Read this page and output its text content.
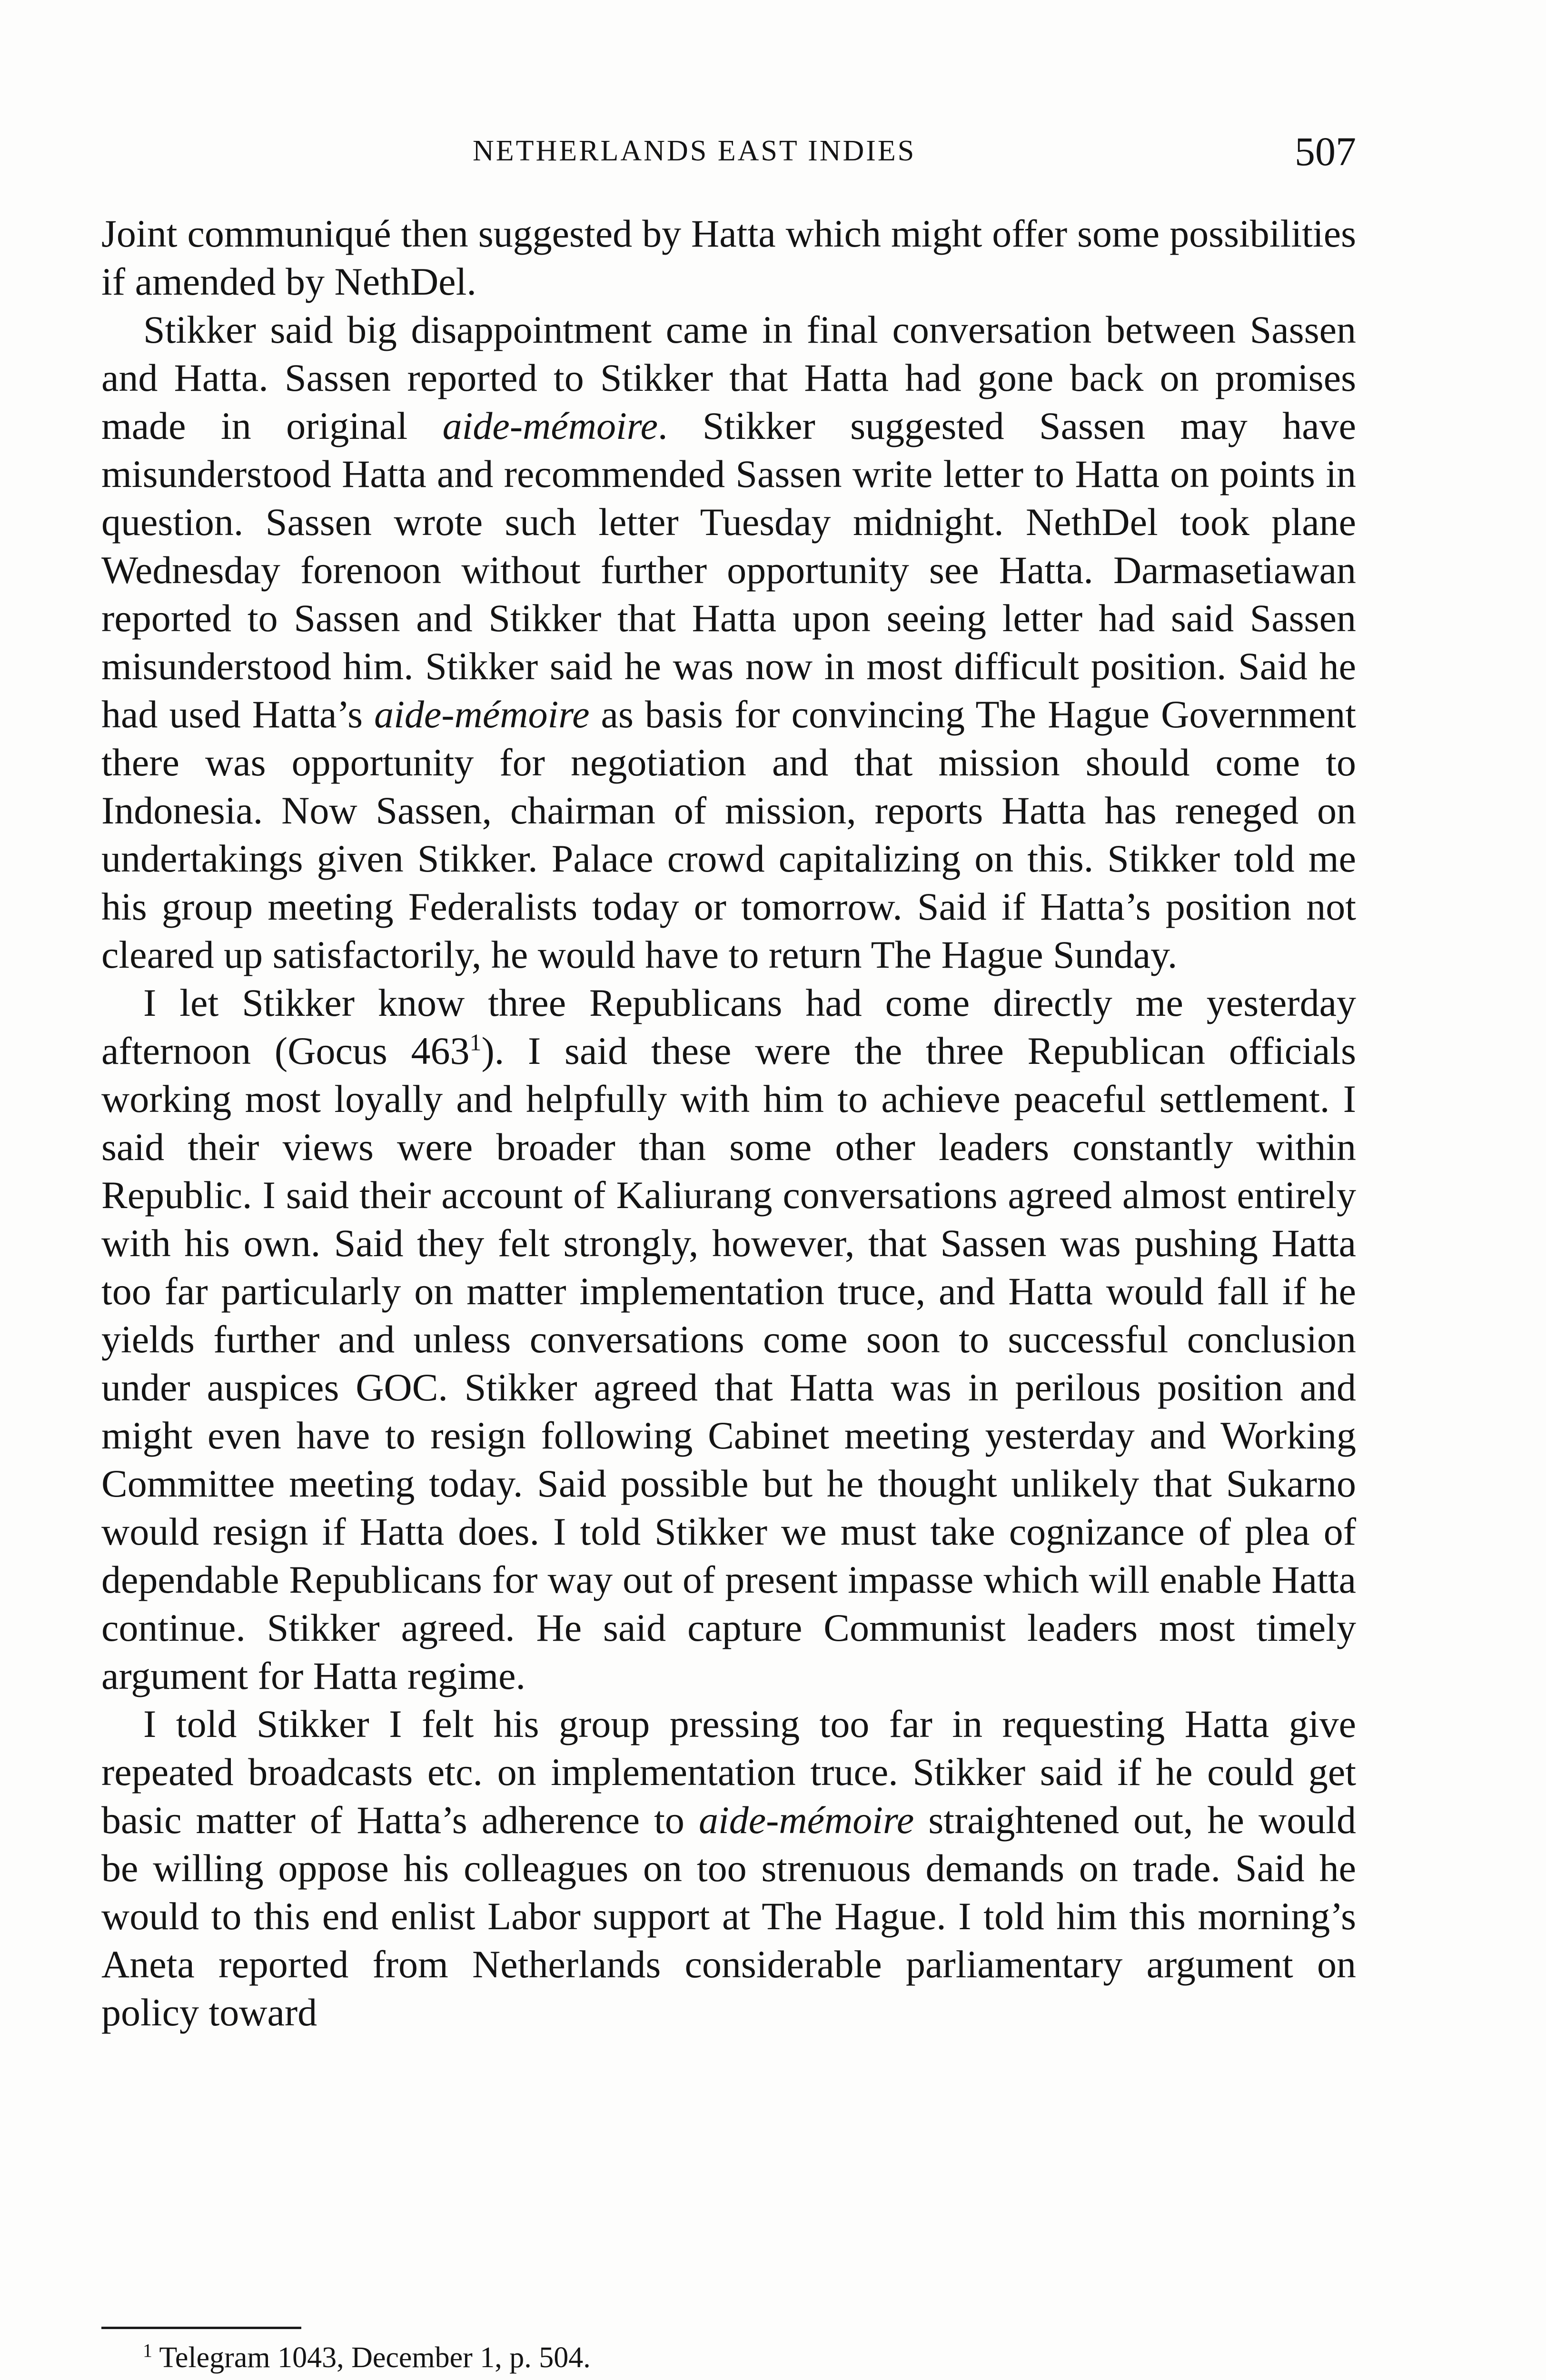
NETHERLANDS EAST INDIES	507

Joint communiqué then suggested by Hatta which might offer some possibilities if amended by NethDel.

Stikker said big disappointment came in final conversation between Sassen and Hatta. Sassen reported to Stikker that Hatta had gone back on promises made in original aide-mémoire. Stikker suggested Sassen may have misunderstood Hatta and recommended Sassen write letter to Hatta on points in question. Sassen wrote such letter Tuesday midnight. NethDel took plane Wednesday forenoon without further opportunity see Hatta. Darmasetiawan reported to Sassen and Stikker that Hatta upon seeing letter had said Sassen misunderstood him. Stikker said he was now in most difficult position. Said he had used Hatta’s aide-mémoire as basis for convincing The Hague Government there was opportunity for negotiation and that mission should come to Indonesia. Now Sassen, chairman of mission, reports Hatta has reneged on undertakings given Stikker. Palace crowd capitalizing on this. Stikker told me his group meeting Federalists today or tomorrow. Said if Hatta’s position not cleared up satisfactorily, he would have to return The Hague Sunday.

I let Stikker know three Republicans had come directly me yesterday afternoon (Gocus 463$^1$). I said these were the three Republican officials working most loyally and helpfully with him to achieve peaceful settlement. I said their views were broader than some other leaders constantly within Republic. I said their account of Kaliurang conversations agreed almost entirely with his own. Said they felt strongly, however, that Sassen was pushing Hatta too far particularly on matter implementation truce, and Hatta would fall if he yields further and unless conversations come soon to successful conclusion under auspices GOC. Stikker agreed that Hatta was in perilous position and might even have to resign following Cabinet meeting yesterday and Working Committee meeting today. Said possible but he thought unlikely that Sukarno would resign if Hatta does. I told Stikker we must take cognizance of plea of dependable Republicans for way out of present impasse which will enable Hatta continue. Stikker agreed. He said capture Communist leaders most timely argument for Hatta regime.

I told Stikker I felt his group pressing too far in requesting Hatta give repeated broadcasts etc. on implementation truce. Stikker said if he could get basic matter of Hatta’s adherence to aide-mémoire straightened out, he would be willing oppose his colleagues on too strenuous demands on trade. Said he would to this end enlist Labor support at The Hague. I told him this morning’s Aneta reported from Netherlands considerable parliamentary argument on policy toward

$^1$ Telegram 1043, December 1, p. 504.
